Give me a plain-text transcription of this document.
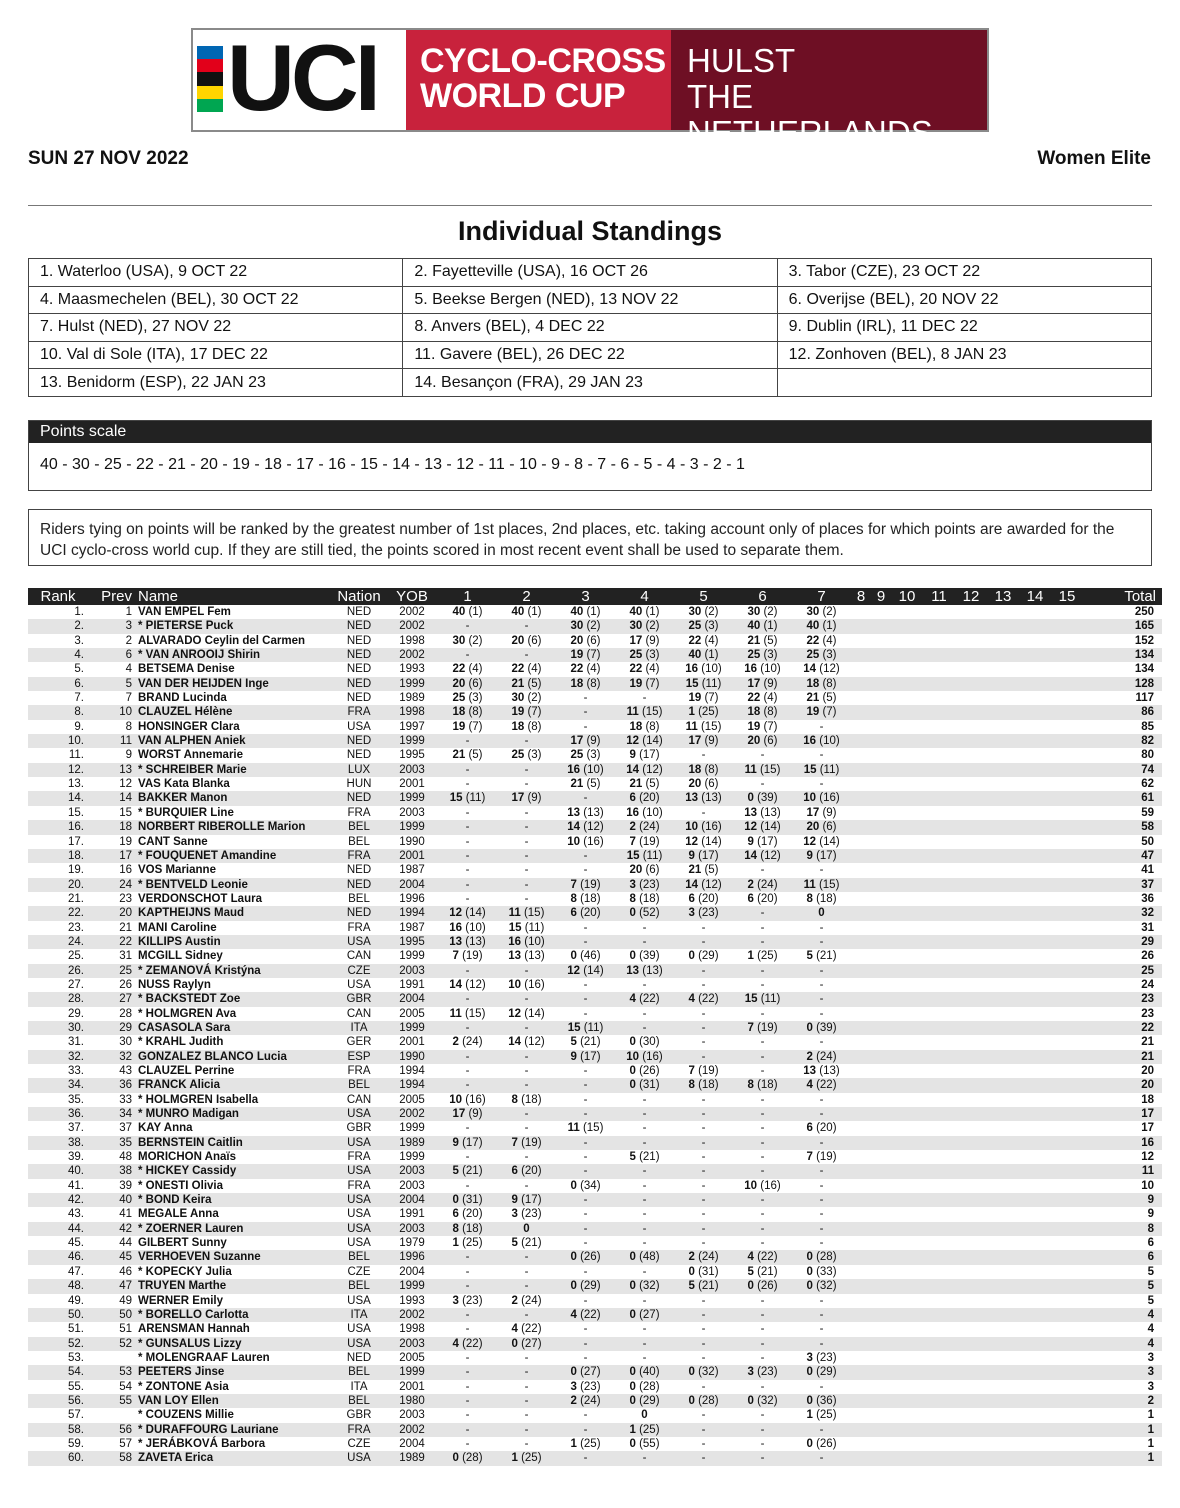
UCI CYCLO-CROSS
WORLD CUP
HULST
THE NETHERLANDS
SUN 27 NOV 2022	Women Elite
Individual Standings
1. Waterloo (USA), 9 OCT 22	2. Fayetteville (USA), 16 OCT 26	3. Tabor (CZE), 23 OCT 22
4. Maasmechelen (BEL), 30 OCT 22	5. Beekse Bergen (NED), 13 NOV 22	6. Overijse (BEL), 20 NOV 22
7. Hulst (NED), 27 NOV 22	8. Anvers (BEL), 4 DEC 22	9. Dublin (IRL), 11 DEC 22
10. Val di Sole (ITA), 17 DEC 22	11. Gavere (BEL), 26 DEC 22	12. Zonhoven (BEL), 8 JAN 23
13. Benidorm (ESP), 22 JAN 23	14. Besançon (FRA), 29 JAN 23	
Points scale
40 - 30 - 25 - 22 - 21 - 20 - 19 - 18 - 17 - 16 - 15 - 14 - 13 - 12 - 11 - 10 - 9 - 8 - 7 - 6 - 5 - 4 - 3 - 2 - 1
Riders tying on points will be ranked by the greatest number of 1st places, 2nd places, etc. taking account only of places for which points are awarded for the UCI cyclo-cross world cup. If they are still tied, the points scored in most recent event shall be used to separate them.
Rank	Prev	Name	Nation	YOB	1	2	3	4	5	6	7	8	9	10	11	12	13	14	15	Total
1.	1	VAN EMPEL Fem	NED	2002	40 (1)	40 (1)	40 (1)	40 (1)	30 (2)	30 (2)	30 (2)									250
2.	3	* PIETERSE Puck	NED	2002	-	-	30 (2)	30 (2)	25 (3)	40 (1)	40 (1)									165
3.	2	ALVARADO Ceylin del Carmen	NED	1998	30 (2)	20 (6)	20 (6)	17 (9)	22 (4)	21 (5)	22 (4)									152
4.	6	* VAN ANROOIJ Shirin	NED	2002	-	-	19 (7)	25 (3)	40 (1)	25 (3)	25 (3)									134
5.	4	BETSEMA Denise	NED	1993	22 (4)	22 (4)	22 (4)	22 (4)	16 (10)	16 (10)	14 (12)									134
6.	5	VAN DER HEIJDEN Inge	NED	1999	20 (6)	21 (5)	18 (8)	19 (7)	15 (11)	17 (9)	18 (8)									128
7.	7	BRAND Lucinda	NED	1989	25 (3)	30 (2)	-	-	19 (7)	22 (4)	21 (5)									117
8.	10	CLAUZEL Hélène	FRA	1998	18 (8)	19 (7)	-	11 (15)	1 (25)	18 (8)	19 (7)									86
9.	8	HONSINGER Clara	USA	1997	19 (7)	18 (8)	-	18 (8)	11 (15)	19 (7)	-									85
10.	11	VAN ALPHEN Aniek	NED	1999	-	-	17 (9)	12 (14)	17 (9)	20 (6)	16 (10)									82
11.	9	WORST Annemarie	NED	1995	21 (5)	25 (3)	25 (3)	9 (17)	-	-	-									80
12.	13	* SCHREIBER Marie	LUX	2003	-	-	16 (10)	14 (12)	18 (8)	11 (15)	15 (11)									74
13.	12	VAS Kata Blanka	HUN	2001	-	-	21 (5)	21 (5)	20 (6)	-	-									62
14.	14	BAKKER Manon	NED	1999	15 (11)	17 (9)	-	6 (20)	13 (13)	0 (39)	10 (16)									61
15.	15	* BURQUIER Line	FRA	2003	-	-	13 (13)	16 (10)	-	13 (13)	17 (9)									59
16.	18	NORBERT RIBEROLLE Marion	BEL	1999	-	-	14 (12)	2 (24)	10 (16)	12 (14)	20 (6)									58
17.	19	CANT Sanne	BEL	1990	-	-	10 (16)	7 (19)	12 (14)	9 (17)	12 (14)									50
18.	17	* FOUQUENET Amandine	FRA	2001	-	-	-	15 (11)	9 (17)	14 (12)	9 (17)									47
19.	16	VOS Marianne	NED	1987	-	-	-	20 (6)	21 (5)	-	-									41
20.	24	* BENTVELD Leonie	NED	2004	-	-	7 (19)	3 (23)	14 (12)	2 (24)	11 (15)									37
21.	23	VERDONSCHOT Laura	BEL	1996	-	-	8 (18)	8 (18)	6 (20)	6 (20)	8 (18)									36
22.	20	KAPTHEIJNS Maud	NED	1994	12 (14)	11 (15)	6 (20)	0 (52)	3 (23)	-	0									32
23.	21	MANI Caroline	FRA	1987	16 (10)	15 (11)	-	-	-	-	-									31
24.	22	KILLIPS Austin	USA	1995	13 (13)	16 (10)	-	-	-	-	-									29
25.	31	MCGILL Sidney	CAN	1999	7 (19)	13 (13)	0 (46)	0 (39)	0 (29)	1 (25)	5 (21)									26
26.	25	* ZEMANOVÁ Kristýna	CZE	2003	-	-	12 (14)	13 (13)	-	-	-									25
27.	26	NUSS Raylyn	USA	1991	14 (12)	10 (16)	-	-	-	-	-									24
28.	27	* BACKSTEDT Zoe	GBR	2004	-	-	-	4 (22)	4 (22)	15 (11)	-									23
29.	28	* HOLMGREN Ava	CAN	2005	11 (15)	12 (14)	-	-	-	-	-									23
30.	29	CASASOLA Sara	ITA	1999	-	-	15 (11)	-	-	7 (19)	0 (39)									22
31.	30	* KRAHL Judith	GER	2001	2 (24)	14 (12)	5 (21)	0 (30)	-	-	-									21
32.	32	GONZALEZ BLANCO Lucia	ESP	1990	-	-	9 (17)	10 (16)	-	-	2 (24)									21
33.	43	CLAUZEL Perrine	FRA	1994	-	-	-	0 (26)	7 (19)	-	13 (13)									20
34.	36	FRANCK Alicia	BEL	1994	-	-	-	0 (31)	8 (18)	8 (18)	4 (22)									20
35.	33	* HOLMGREN Isabella	CAN	2005	10 (16)	8 (18)	-	-	-	-	-									18
36.	34	* MUNRO Madigan	USA	2002	17 (9)	-	-	-	-	-	-									17
37.	37	KAY Anna	GBR	1999	-	-	11 (15)	-	-	-	6 (20)									17
38.	35	BERNSTEIN Caitlin	USA	1989	9 (17)	7 (19)	-	-	-	-	-									16
39.	48	MORICHON Anaïs	FRA	1999	-	-	-	5 (21)	-	-	7 (19)									12
40.	38	* HICKEY Cassidy	USA	2003	5 (21)	6 (20)	-	-	-	-	-									11
41.	39	* ONESTI Olivia	FRA	2003	-	-	0 (34)	-	-	10 (16)	-									10
42.	40	* BOND Keira	USA	2004	0 (31)	9 (17)	-	-	-	-	-									9
43.	41	MEGALE Anna	USA	1991	6 (20)	3 (23)	-	-	-	-	-									9
44.	42	* ZOERNER Lauren	USA	2003	8 (18)	0	-	-	-	-	-									8
45.	44	GILBERT Sunny	USA	1979	1 (25)	5 (21)	-	-	-	-	-									6
46.	45	VERHOEVEN Suzanne	BEL	1996	-	-	0 (26)	0 (48)	2 (24)	4 (22)	0 (28)									6
47.	46	* KOPECKY Julia	CZE	2004	-	-	-	-	0 (31)	5 (21)	0 (33)									5
48.	47	TRUYEN Marthe	BEL	1999	-	-	0 (29)	0 (32)	5 (21)	0 (26)	0 (32)									5
49.	49	WERNER Emily	USA	1993	3 (23)	2 (24)	-	-	-	-	-									5
50.	50	* BORELLO Carlotta	ITA	2002	-	-	4 (22)	0 (27)	-	-	-									4
51.	51	ARENSMAN Hannah	USA	1998	-	4 (22)	-	-	-	-	-									4
52.	52	* GUNSALUS Lizzy	USA	2003	4 (22)	0 (27)	-	-	-	-	-									4
53.		* MOLENGRAAF Lauren	NED	2005	-	-	-	-	-	-	3 (23)									3
54.	53	PEETERS Jinse	BEL	1999	-	-	0 (27)	0 (40)	0 (32)	3 (23)	0 (29)									3
55.	54	* ZONTONE Asia	ITA	2001	-	-	3 (23)	0 (28)	-	-	-									3
56.	55	VAN LOY Ellen	BEL	1980	-	-	2 (24)	0 (29)	0 (28)	0 (32)	0 (36)									2
57.		* COUZENS Millie	GBR	2003	-	-	-	0	-	-	1 (25)									1
58.	56	* DURAFFOURG Lauriane	FRA	2002	-	-	-	1 (25)	-	-	-									1
59.	57	* JERÁBKOVÁ Barbora	CZE	2004	-	-	1 (25)	0 (55)	-	-	0 (26)									1
60.	58	ZAVETA Erica	USA	1989	0 (28)	1 (25)	-	-	-	-	-									1
